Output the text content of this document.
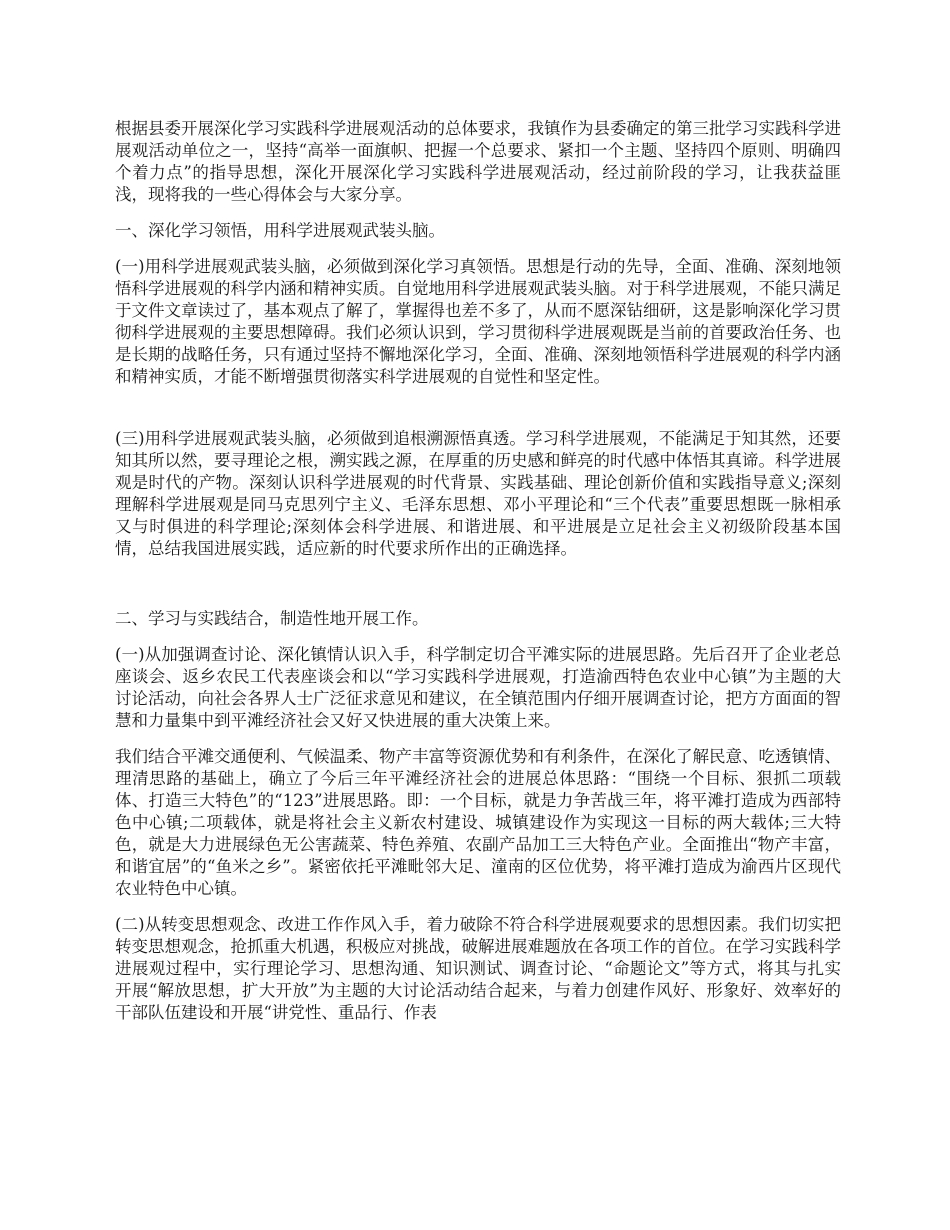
根据县委开展深化学习实践科学进展观活动的总体要求，我镇作为县委确定的第三批学习实践科学进展观活动单位之一，坚持“高举一面旗帜、把握一个总要求、紧扣一个主题、坚持四个原则、明确四个着力点”的指导思想，深化开展深化学习实践科学进展观活动，经过前阶段的学习，让我获益匪浅，现将我的一些心得体会与大家分享。

一、深化学习领悟，用科学进展观武装头脑。

(一)用科学进展观武装头脑，必须做到深化学习真领悟。思想是行动的先导，全面、准确、深刻地领悟科学进展观的科学内涵和精神实质。自觉地用科学进展观武装头脑。对于科学进展观，不能只满足于文件文章读过了，基本观点了解了，掌握得也差不多了，从而不愿深钻细研，这是影响深化学习贯彻科学进展观的主要思想障碍。我们必须认识到，学习贯彻科学进展观既是当前的首要政治任务、也是长期的战略任务，只有通过坚持不懈地深化学习，全面、准确、深刻地领悟科学进展观的科学内涵和精神实质，才能不断增强贯彻落实科学进展观的自觉性和坚定性。

(三)用科学进展观武装头脑，必须做到追根溯源悟真透。学习科学进展观，不能满足于知其然，还要知其所以然，要寻理论之根，溯实践之源，在厚重的历史感和鲜亮的时代感中体悟其真谛。科学进展观是时代的产物。深刻认识科学进展观的时代背景、实践基础、理论创新价值和实践指导意义;深刻理解科学进展观是同马克思列宁主义、毛泽东思想、邓小平理论和“三个代表”重要思想既一脉相承又与时俱进的科学理论;深刻体会科学进展、和谐进展、和平进展是立足社会主义初级阶段基本国情，总结我国进展实践，适应新的时代要求所作出的正确选择。

二、学习与实践结合，制造性地开展工作。

(一)从加强调查讨论、深化镇情认识入手，科学制定切合平滩实际的进展思路。先后召开了企业老总座谈会、返乡农民工代表座谈会和以“学习实践科学进展观，打造渝西特色农业中心镇”为主题的大讨论活动，向社会各界人士广泛征求意见和建议，在全镇范围内仔细开展调查讨论，把方方面面的智慧和力量集中到平滩经济社会又好又快进展的重大决策上来。

我们结合平滩交通便利、气候温柔、物产丰富等资源优势和有利条件，在深化了解民意、吃透镇情、理清思路的基础上，确立了今后三年平滩经济社会的进展总体思路：“围绕一个目标、狠抓二项载体、打造三大特色”的“123”进展思路。即：一个目标，就是力争苦战三年，将平滩打造成为西部特色中心镇;二项载体，就是将社会主义新农村建设、城镇建设作为实现这一目标的两大载体;三大特色，就是大力进展绿色无公害蔬菜、特色养殖、农副产品加工三大特色产业。全面推出“物产丰富，和谐宜居”的“鱼米之乡”。紧密依托平滩毗邻大足、潼南的区位优势，将平滩打造成为渝西片区现代农业特色中心镇。

(二)从转变思想观念、改进工作作风入手，着力破除不符合科学进展观要求的思想因素。我们切实把转变思想观念，抢抓重大机遇，积极应对挑战，破解进展难题放在各项工作的首位。在学习实践科学进展观过程中，实行理论学习、思想沟通、知识测试、调查讨论、“命题论文”等方式，将其与扎实开展“解放思想，扩大开放”为主题的大讨论活动结合起来，与着力创建作风好、形象好、效率好的干部队伍建设和开展“讲党性、重品行、作表
